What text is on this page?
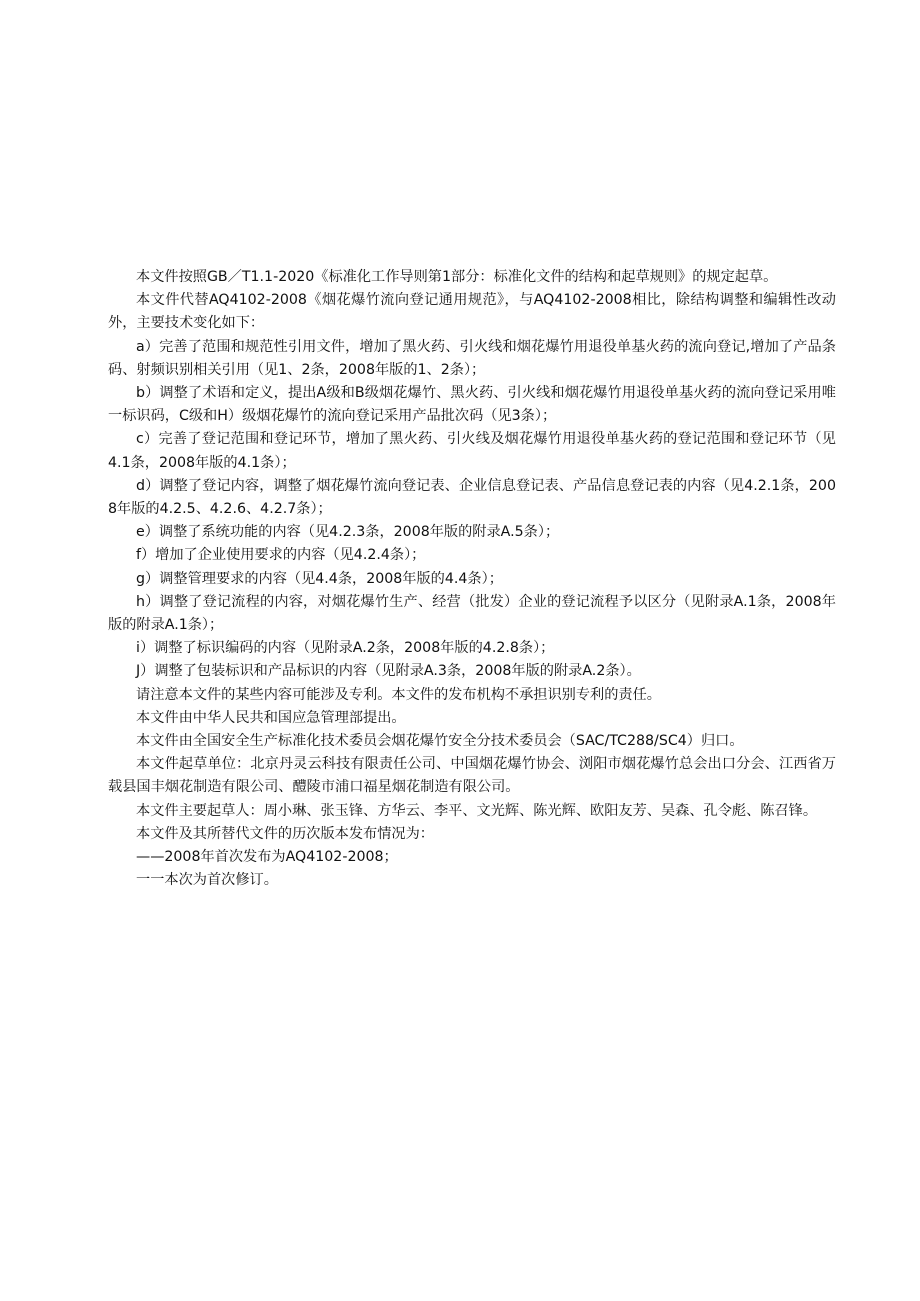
本文件按照GB／T1.1-2020《标准化工作导则第1部分：标准化文件的结构和起草规则》的规定起草。

本文件代替AQ4102-2008《烟花爆竹流向登记通用规范》，与AQ4102-2008相比，除结构调整和编辑性改动外，主要技术变化如下：

a）完善了范围和规范性引用文件，增加了黑火药、引火线和烟花爆竹用退役单基火药的流向登记,增加了产品条码、射频识别相关引用（见1、2条，2008年版的1、2条）；

b）调整了术语和定义，提出A级和B级烟花爆竹、黑火药、引火线和烟花爆竹用退役单基火药的流向登记采用唯一标识码，C级和H）级烟花爆竹的流向登记采用产品批次码（见3条）；

c）完善了登记范围和登记环节，增加了黑火药、引火线及烟花爆竹用退役单基火药的登记范围和登记环节（见4.1条，2008年版的4.1条）；

d）调整了登记内容，调整了烟花爆竹流向登记表、企业信息登记表、产品信息登记表的内容（见4.2.1条，2008年版的4.2.5、4.2.6、4.2.7条）；

e）调整了系统功能的内容（见4.2.3条，2008年版的附录A.5条）；

f）增加了企业使用要求的内容（见4.2.4条）；

g）调整管理要求的内容（见4.4条，2008年版的4.4条）；

h）调整了登记流程的内容，对烟花爆竹生产、经营（批发）企业的登记流程予以区分（见附录A.1条，2008年版的附录A.1条）；

i）调整了标识编码的内容（见附录A.2条，2008年版的4.2.8条）；

J）调整了包装标识和产品标识的内容（见附录A.3条，2008年版的附录A.2条）。

请注意本文件的某些内容可能涉及专利。本文件的发布机构不承担识别专利的责任。

本文件由中华人民共和国应急管理部提出。

本文件由全国安全生产标准化技术委员会烟花爆竹安全分技术委员会（SAC/TC288/SC4）归口。

本文件起草单位：北京丹灵云科技有限责任公司、中国烟花爆竹协会、浏阳市烟花爆竹总会出口分会、江西省万载县国丰烟花制造有限公司、醴陵市浦口福星烟花制造有限公司。

本文件主要起草人：周小琳、张玉锋、方华云、李平、文光辉、陈光辉、欧阳友芳、吴森、孔令彪、陈召锋。

本文件及其所替代文件的历次版本发布情况为：

——2008年首次发布为AQ4102-2008；

一一本次为首次修订。
